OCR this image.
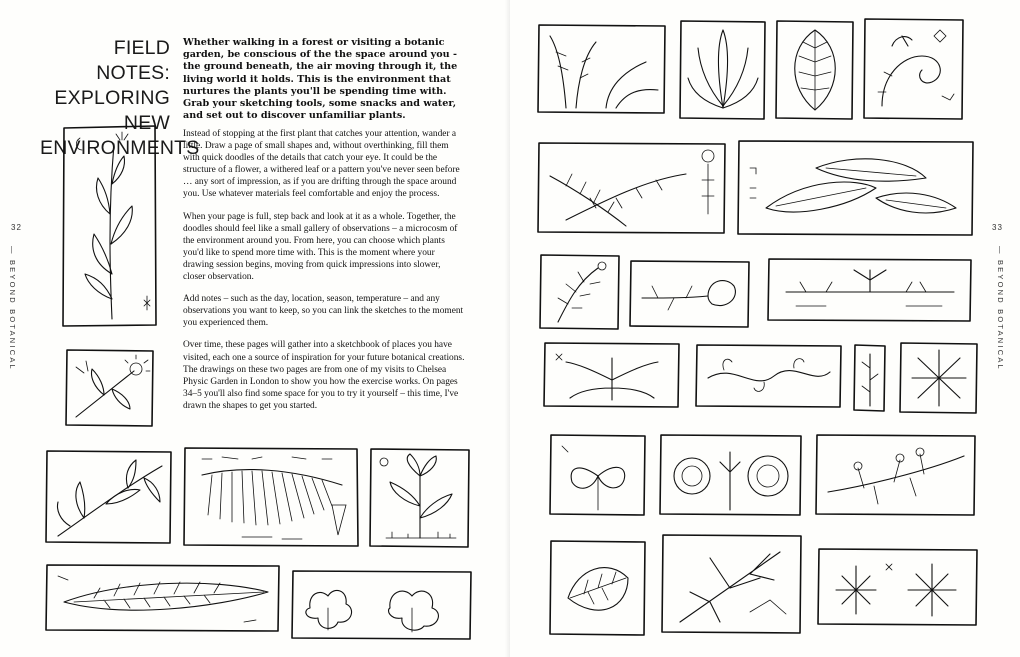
FIELD NOTES:
EXPLORING NEW
ENVIRONMENTS
Whether walking in a forest or visiting a botanic garden, be conscious of the the space around you - the ground beneath, the air moving through it, the living world it holds. This is the environment that nurtures the plants you'll be spending time with. Grab your sketching tools, some snacks and water, and set out to discover unfamiliar plants.

Instead of stopping at the first plant that catches your attention, wander a little. Draw a page of small shapes and, without overthinking, fill them with quick doodles of the details that catch your eye. It could be the structure of a flower, a withered leaf or a pattern you've never seen before … any sort of impression, as if you are drifting through the space around you. Use whatever materials feel comfortable and enjoy the process.

When your page is full, step back and look at it as a whole. Together, the doodles should feel like a small gallery of observations – a microcosm of the environment around you. From here, you can choose which plants you'd like to spend more time with. This is the moment where your drawing session begins, moving from quick impressions into slower, closer observation.

Add notes – such as the day, location, season, temperature – and any observations you want to keep, so you can link the sketches to the moment you experienced them.

Over time, these pages will gather into a sketchbook of places you have visited, each one a source of inspiration for your future botanical creations. The drawings on these two pages are from one of my visits to Chelsea Physic Garden in London to show you how the exercise works. On pages 34–5 you'll also find some space for you to try it yourself – this time, I've drawn the shapes to get you started.

32
— BEYOND BOTANICAL
33
— BEYOND BOTANICAL
